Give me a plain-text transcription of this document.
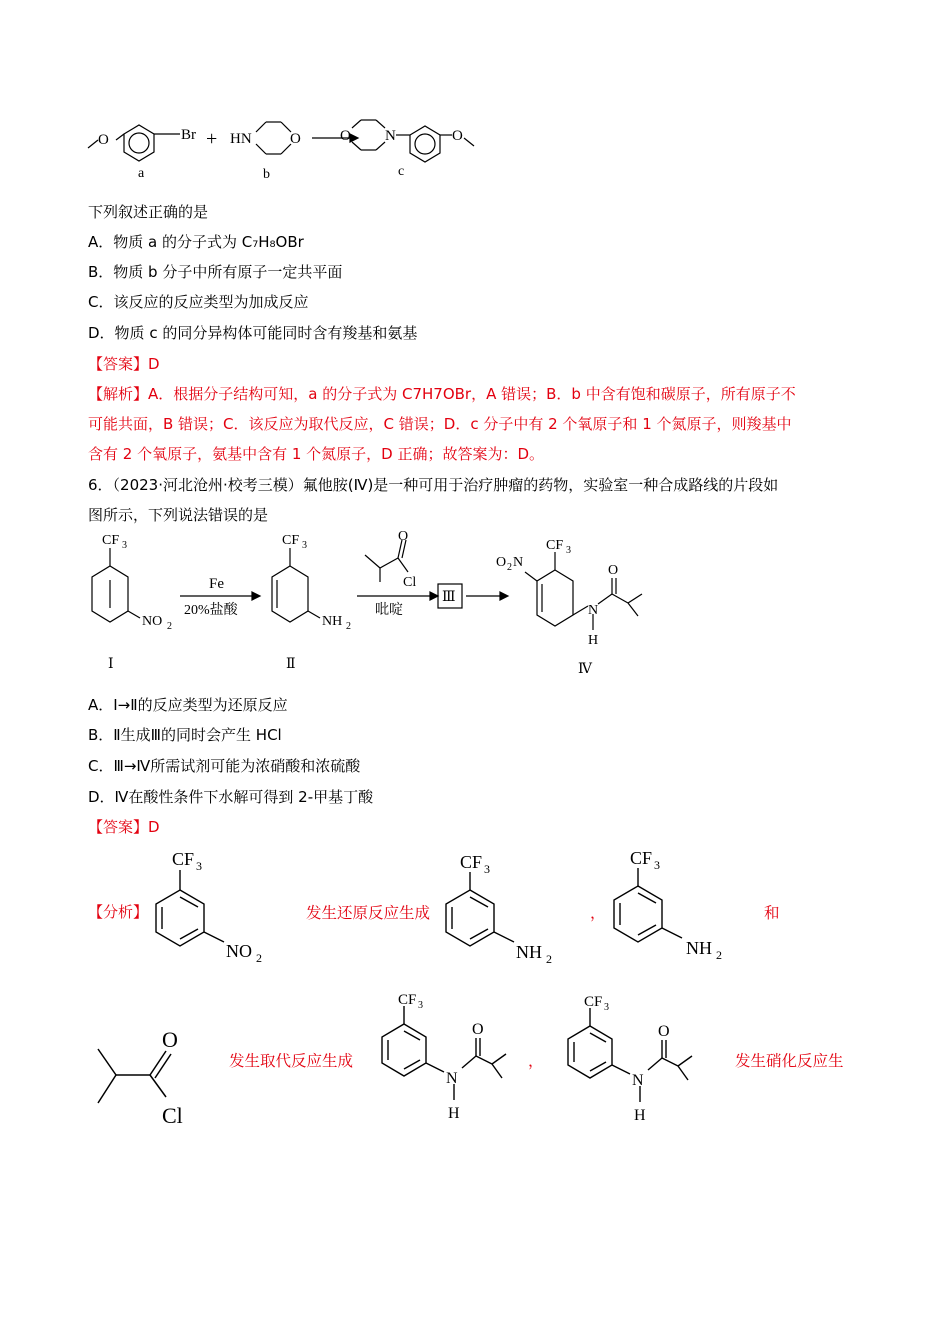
O	Br + HN	O	O N	O
a	b	c
下列叙述正确的是
A．物质 a 的分子式为 C₇H₈OBr
B．物质 b 分子中所有原子一定共平面
C．该反应的反应类型为加成反应
D．物质 c 的同分异构体可能同时含有羧基和氨基
【答案】D
【解析】A．根据分子结构可知，a 的分子式为 C7H7OBr，A 错误；B．b 中含有饱和碳原子，所有原子不
可能共面，B 错误；C．该反应为取代反应，C 错误；D．c 分子中有 2 个氧原子和 1 个氮原子，则羧基中
含有 2 个氧原子，氨基中含有 1 个氮原子，D 正确；故答案为：D。
6．（2023·河北沧州·校考三模）氟他胺(Ⅳ)是一种可用于治疗肿瘤的药物，实验室一种合成路线的片段如
图所示，下列说法错误的是
CF 3
NO 2
Ⅰ
Fe
20%盐酸
CF 3
NH 2
Ⅱ
O
Cl
吡啶
Ⅲ
O 2 N
CF 3
N
H
O
Ⅳ
A．Ⅰ→Ⅱ的反应类型为还原反应
B．Ⅱ生成Ⅲ的同时会产生 HCl
C．Ⅲ→Ⅳ所需试剂可能为浓硝酸和浓硫酸
D．Ⅳ在酸性条件下水解可得到 2-甲基丁酸
【答案】D
【分析】
CF 3
NO 2
发生还原反应生成
CF 3
NH 2
，
CF 3
NH 2
和
O
Cl
发生取代反应生成
CF 3
N
H
O
，
CF 3
N
H
O
发生硝化反应生
